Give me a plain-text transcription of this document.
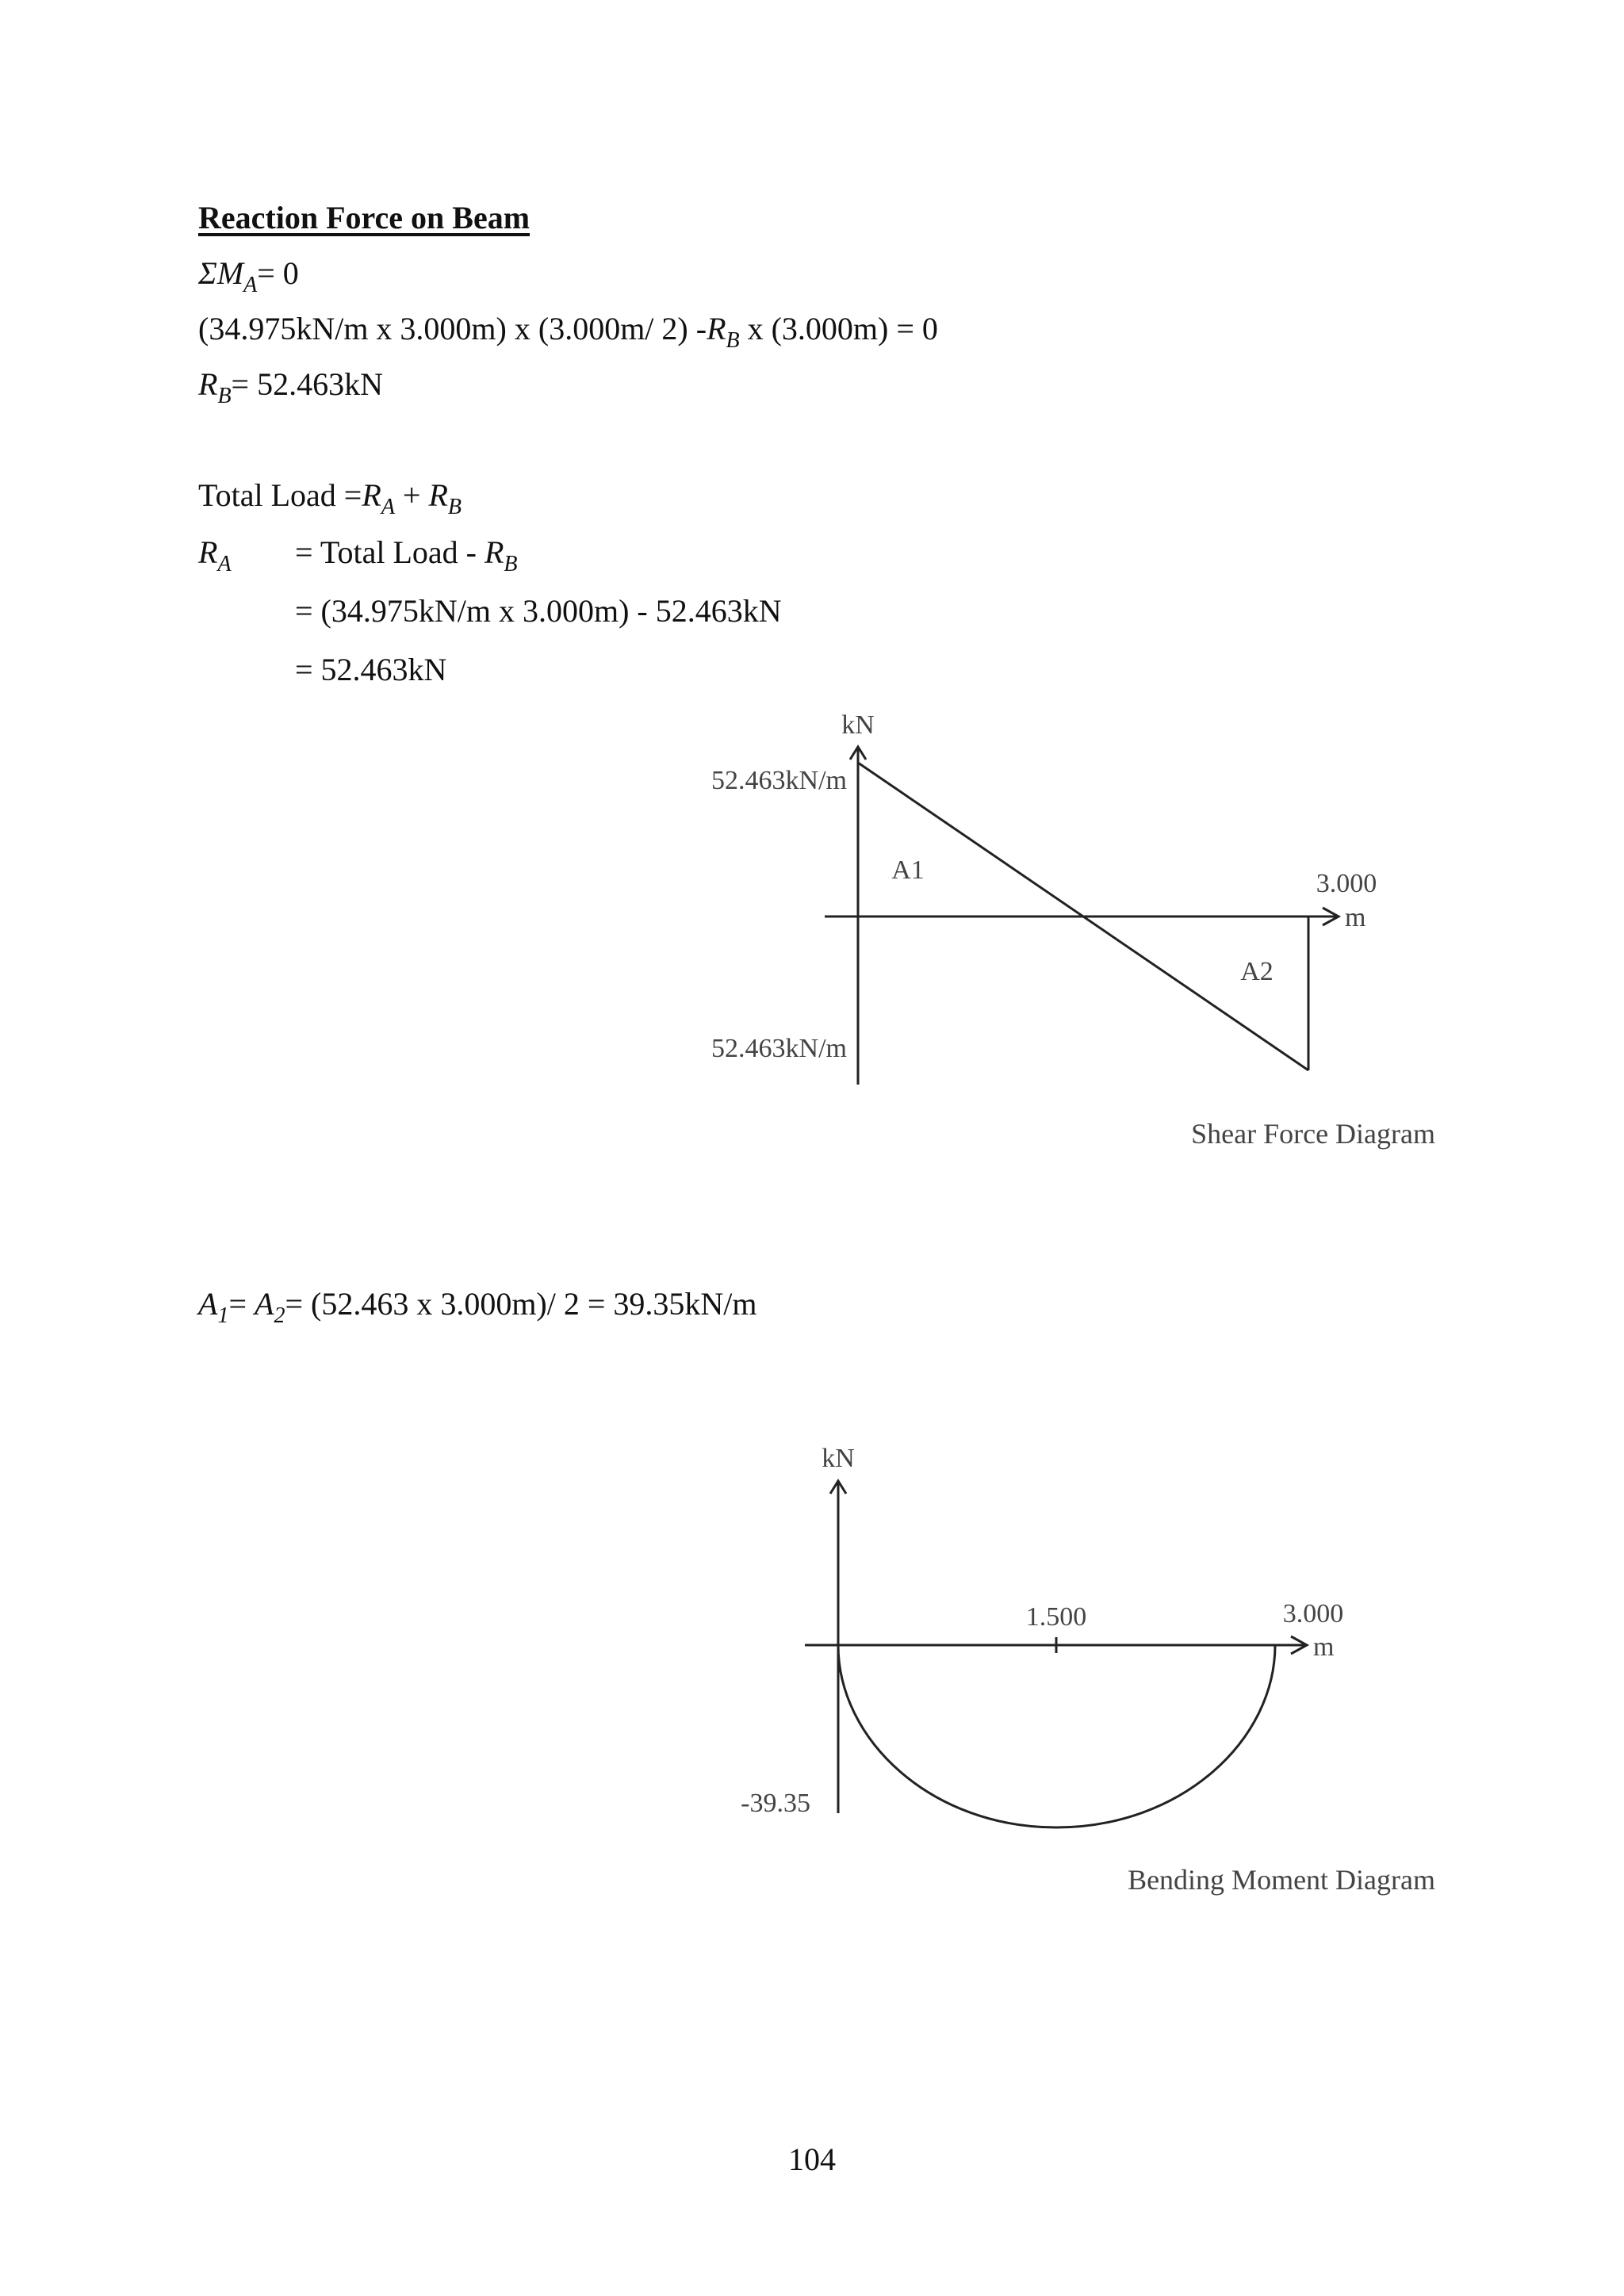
Reaction Force on Beam
$\Sigma M_A= 0$
(34.975kN/m x 3.000m) x (3.000m/ 2) $-R_B$ x (3.000m) = 0
$R_B= 52.463kN$
Total Load $=R_A + R_B$
$R_A$ = Total Load - $R_B$
= (34.975kN/m x 3.000m) - 52.463kN
= 52.463kN
kN
52.463kN/m
52.463kN/m
A1
A2
3.000
m
Shear Force Diagram
$A_1= A_2= (52.463$ x 3.000m)/ 2 = 39.35kN/m
kN
1.500	3.000
m
-39.35
Bending Moment Diagram
104
